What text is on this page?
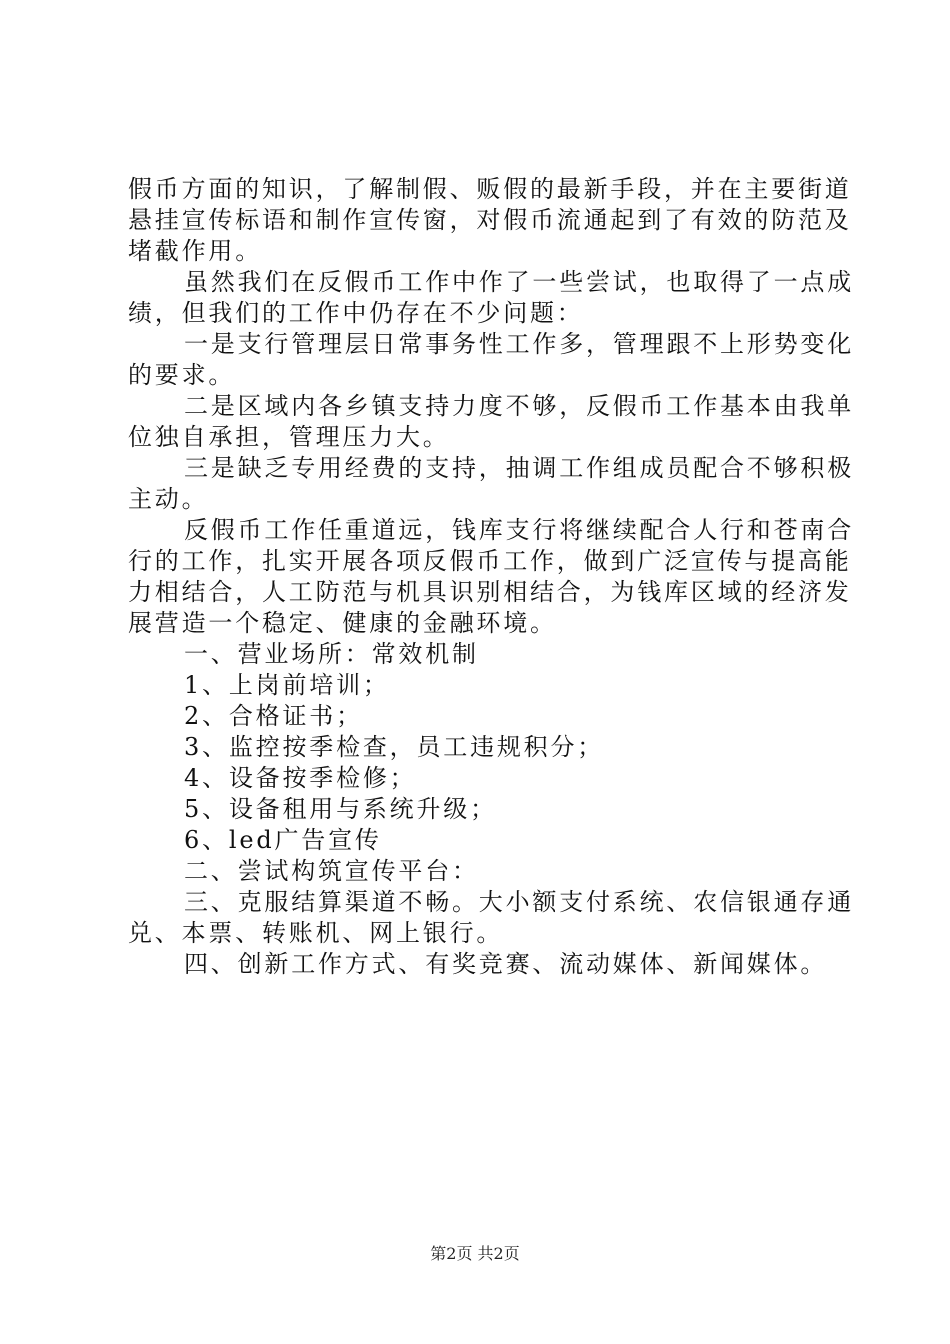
假币方面的知识，了解制假、贩假的最新手段，并在主要街道
悬挂宣传标语和制作宣传窗，对假币流通起到了有效的防范及
堵截作用。
虽然我们在反假币工作中作了一些尝试，也取得了一点成
绩，但我们的工作中仍存在不少问题：
一是支行管理层日常事务性工作多，管理跟不上形势变化
的要求。
二是区域内各乡镇支持力度不够，反假币工作基本由我单
位独自承担，管理压力大。
三是缺乏专用经费的支持，抽调工作组成员配合不够积极
主动。
反假币工作任重道远，钱库支行将继续配合人行和苍南合
行的工作，扎实开展各项反假币工作，做到广泛宣传与提高能
力相结合，人工防范与机具识别相结合，为钱库区域的经济发
展营造一个稳定、健康的金融环境。
一、营业场所：常效机制
1、上岗前培训；
2、合格证书；
3、监控按季检查，员工违规积分；
4、设备按季检修；
5、设备租用与系统升级；
6、led广告宣传
二、尝试构筑宣传平台：
三、克服结算渠道不畅。大小额支付系统、农信银通存通
兑、本票、转账机、网上银行。
四、创新工作方式、有奖竞赛、流动媒体、新闻媒体。
第2页 共2页
